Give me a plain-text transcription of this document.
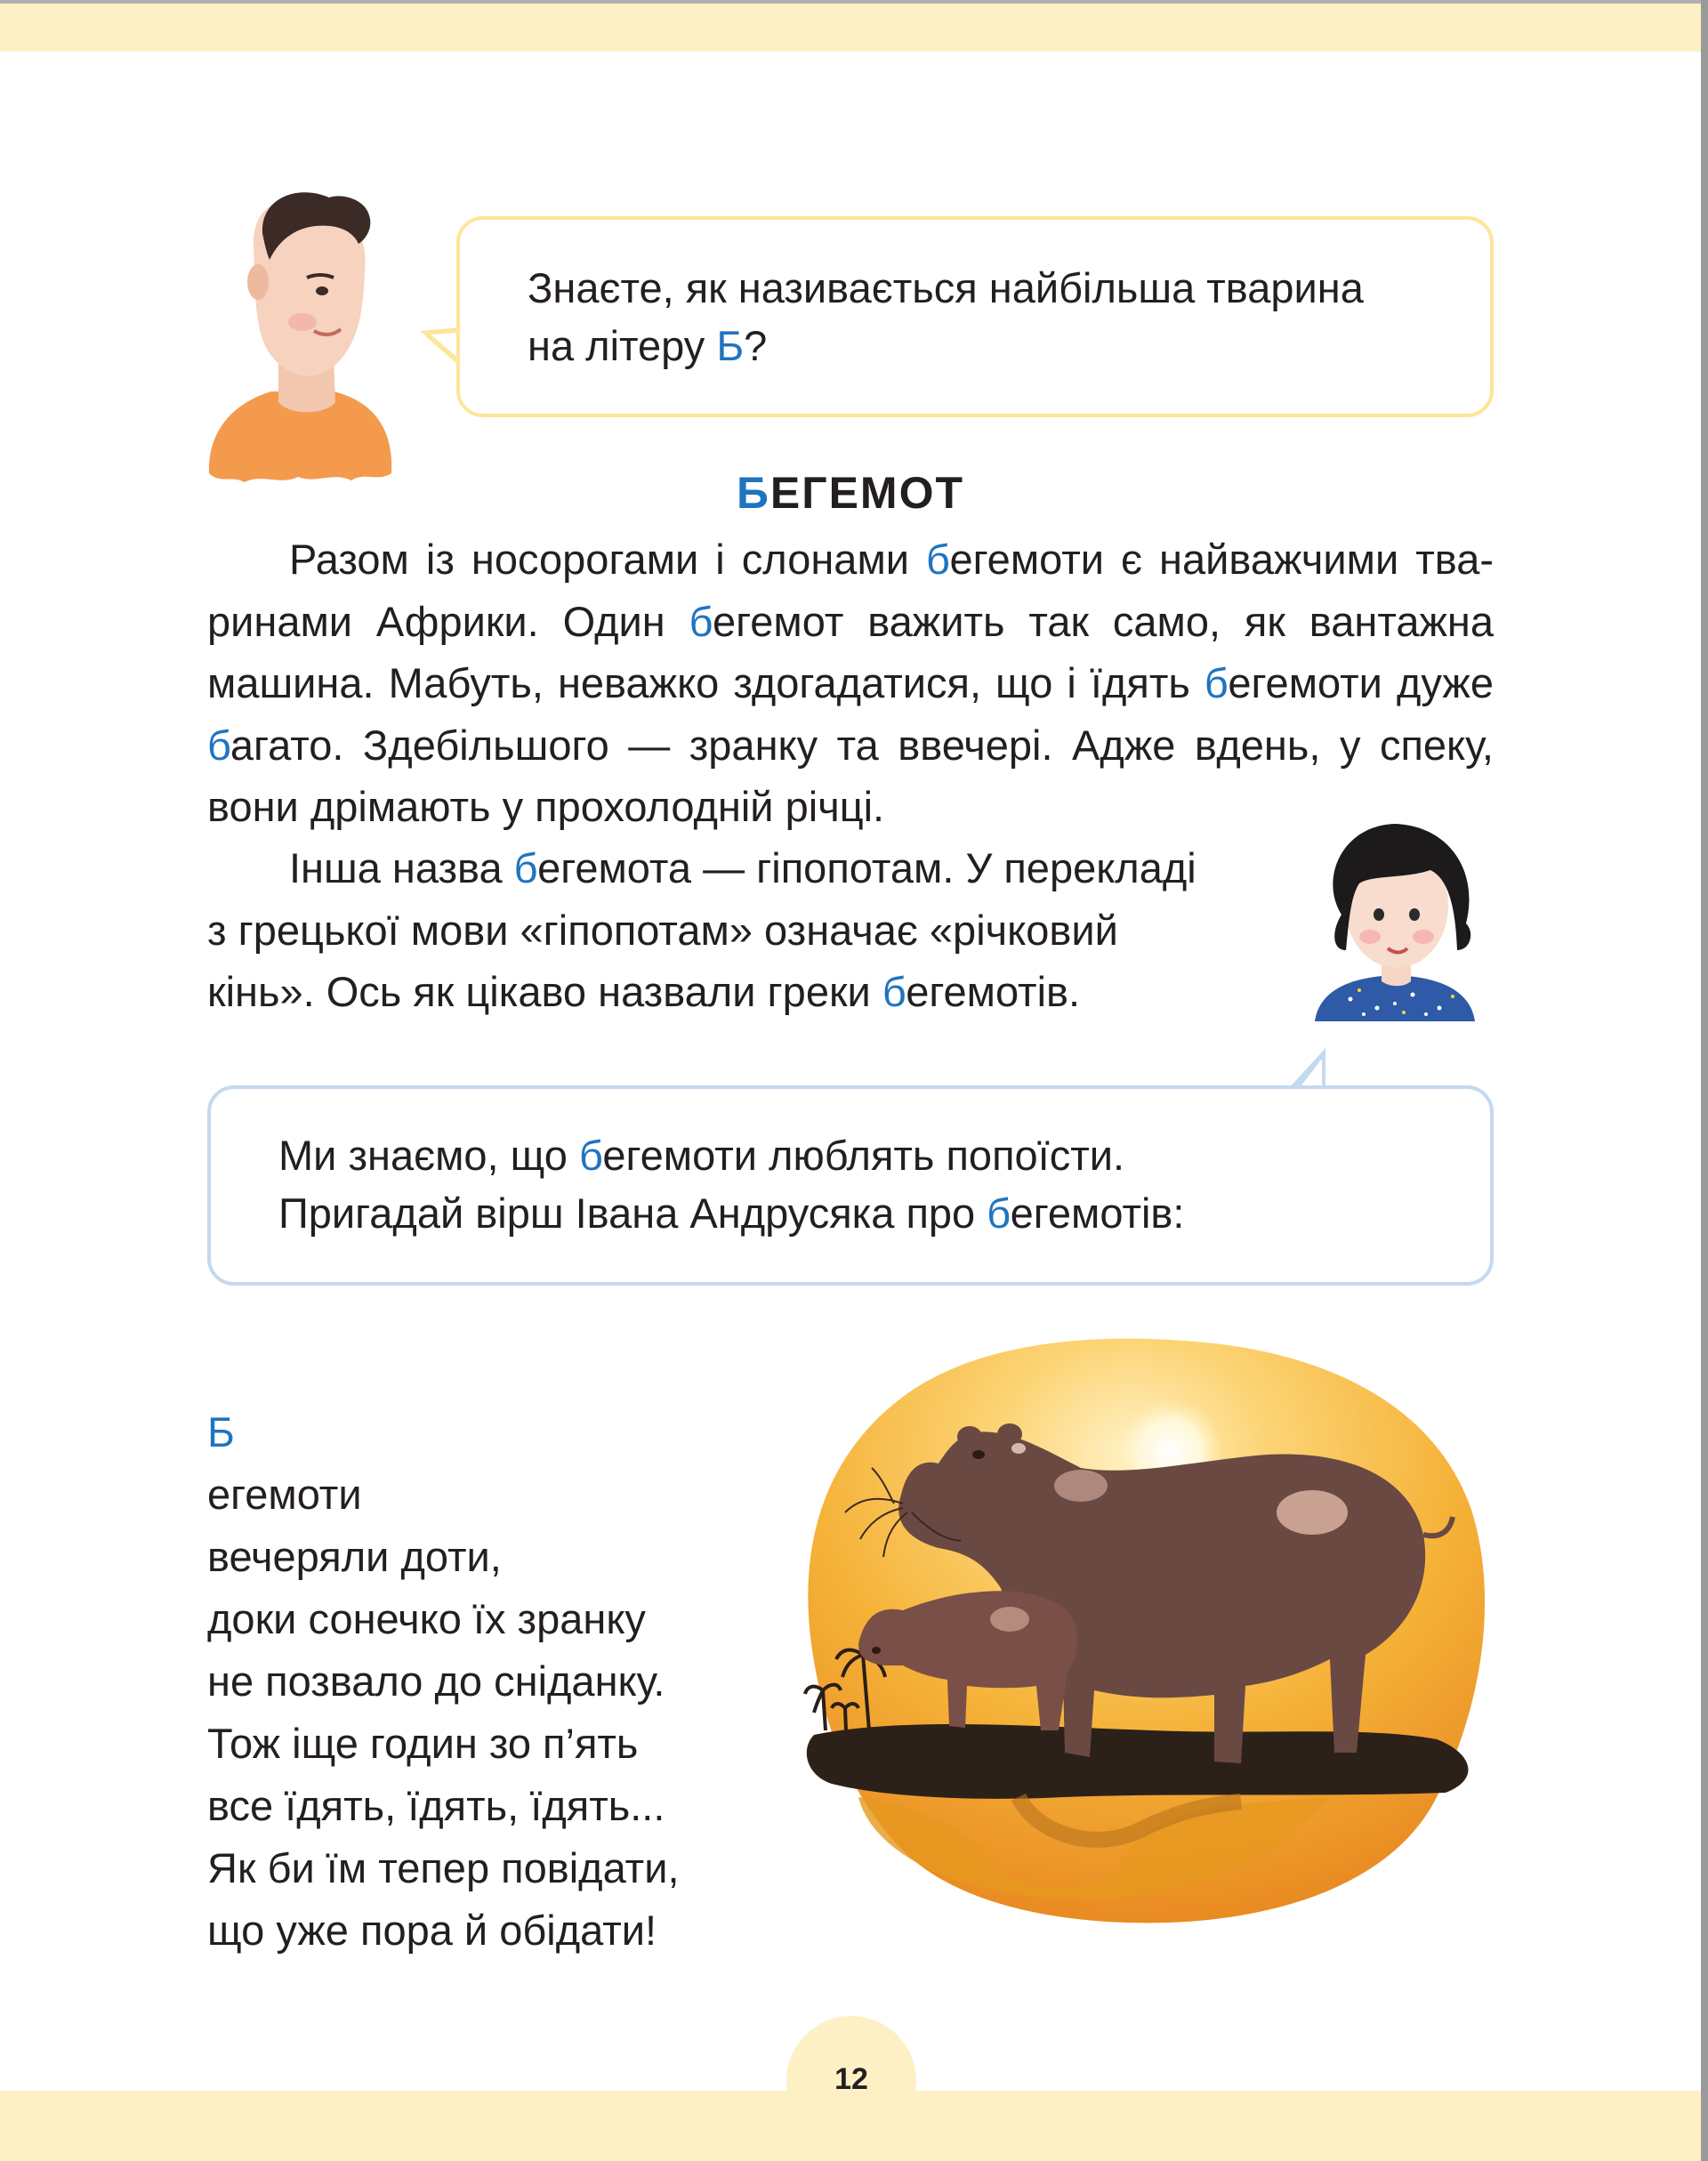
Знаєте, як називається найбільша тварина
на літеру Б?

БЕГЕМОТ
Разом із носорогами і слонами бегемоти є найважчими тва-
ринами Африки. Один бегемот важить так само, як вантажна
машина. Мабуть, неважко здогадатися, що і їдять бегемоти дуже
багато. Здебільшого — зранку та ввечері. Адже вдень, у спеку,
вони дрімають у прохолодній річці.
Інша назва бегемота — гіпопотам. У перекладі
з грецької мови «гіпопотам» означає «річковий
кінь». Ось як цікаво назвали греки бегемотів.

Ми знаємо, що бегемоти люблять попоїсти.
Пригадай вірш Івана Андрусяка про бегемотів:

Б
егемоти
вечеряли доти,
доки сонечко їх зранку
не позвало до сніданку.
Тож іще годин зо п’ять
все їдять, їдять, їдять...
Як би їм тепер повідати,
що уже пора й обідати!
12
